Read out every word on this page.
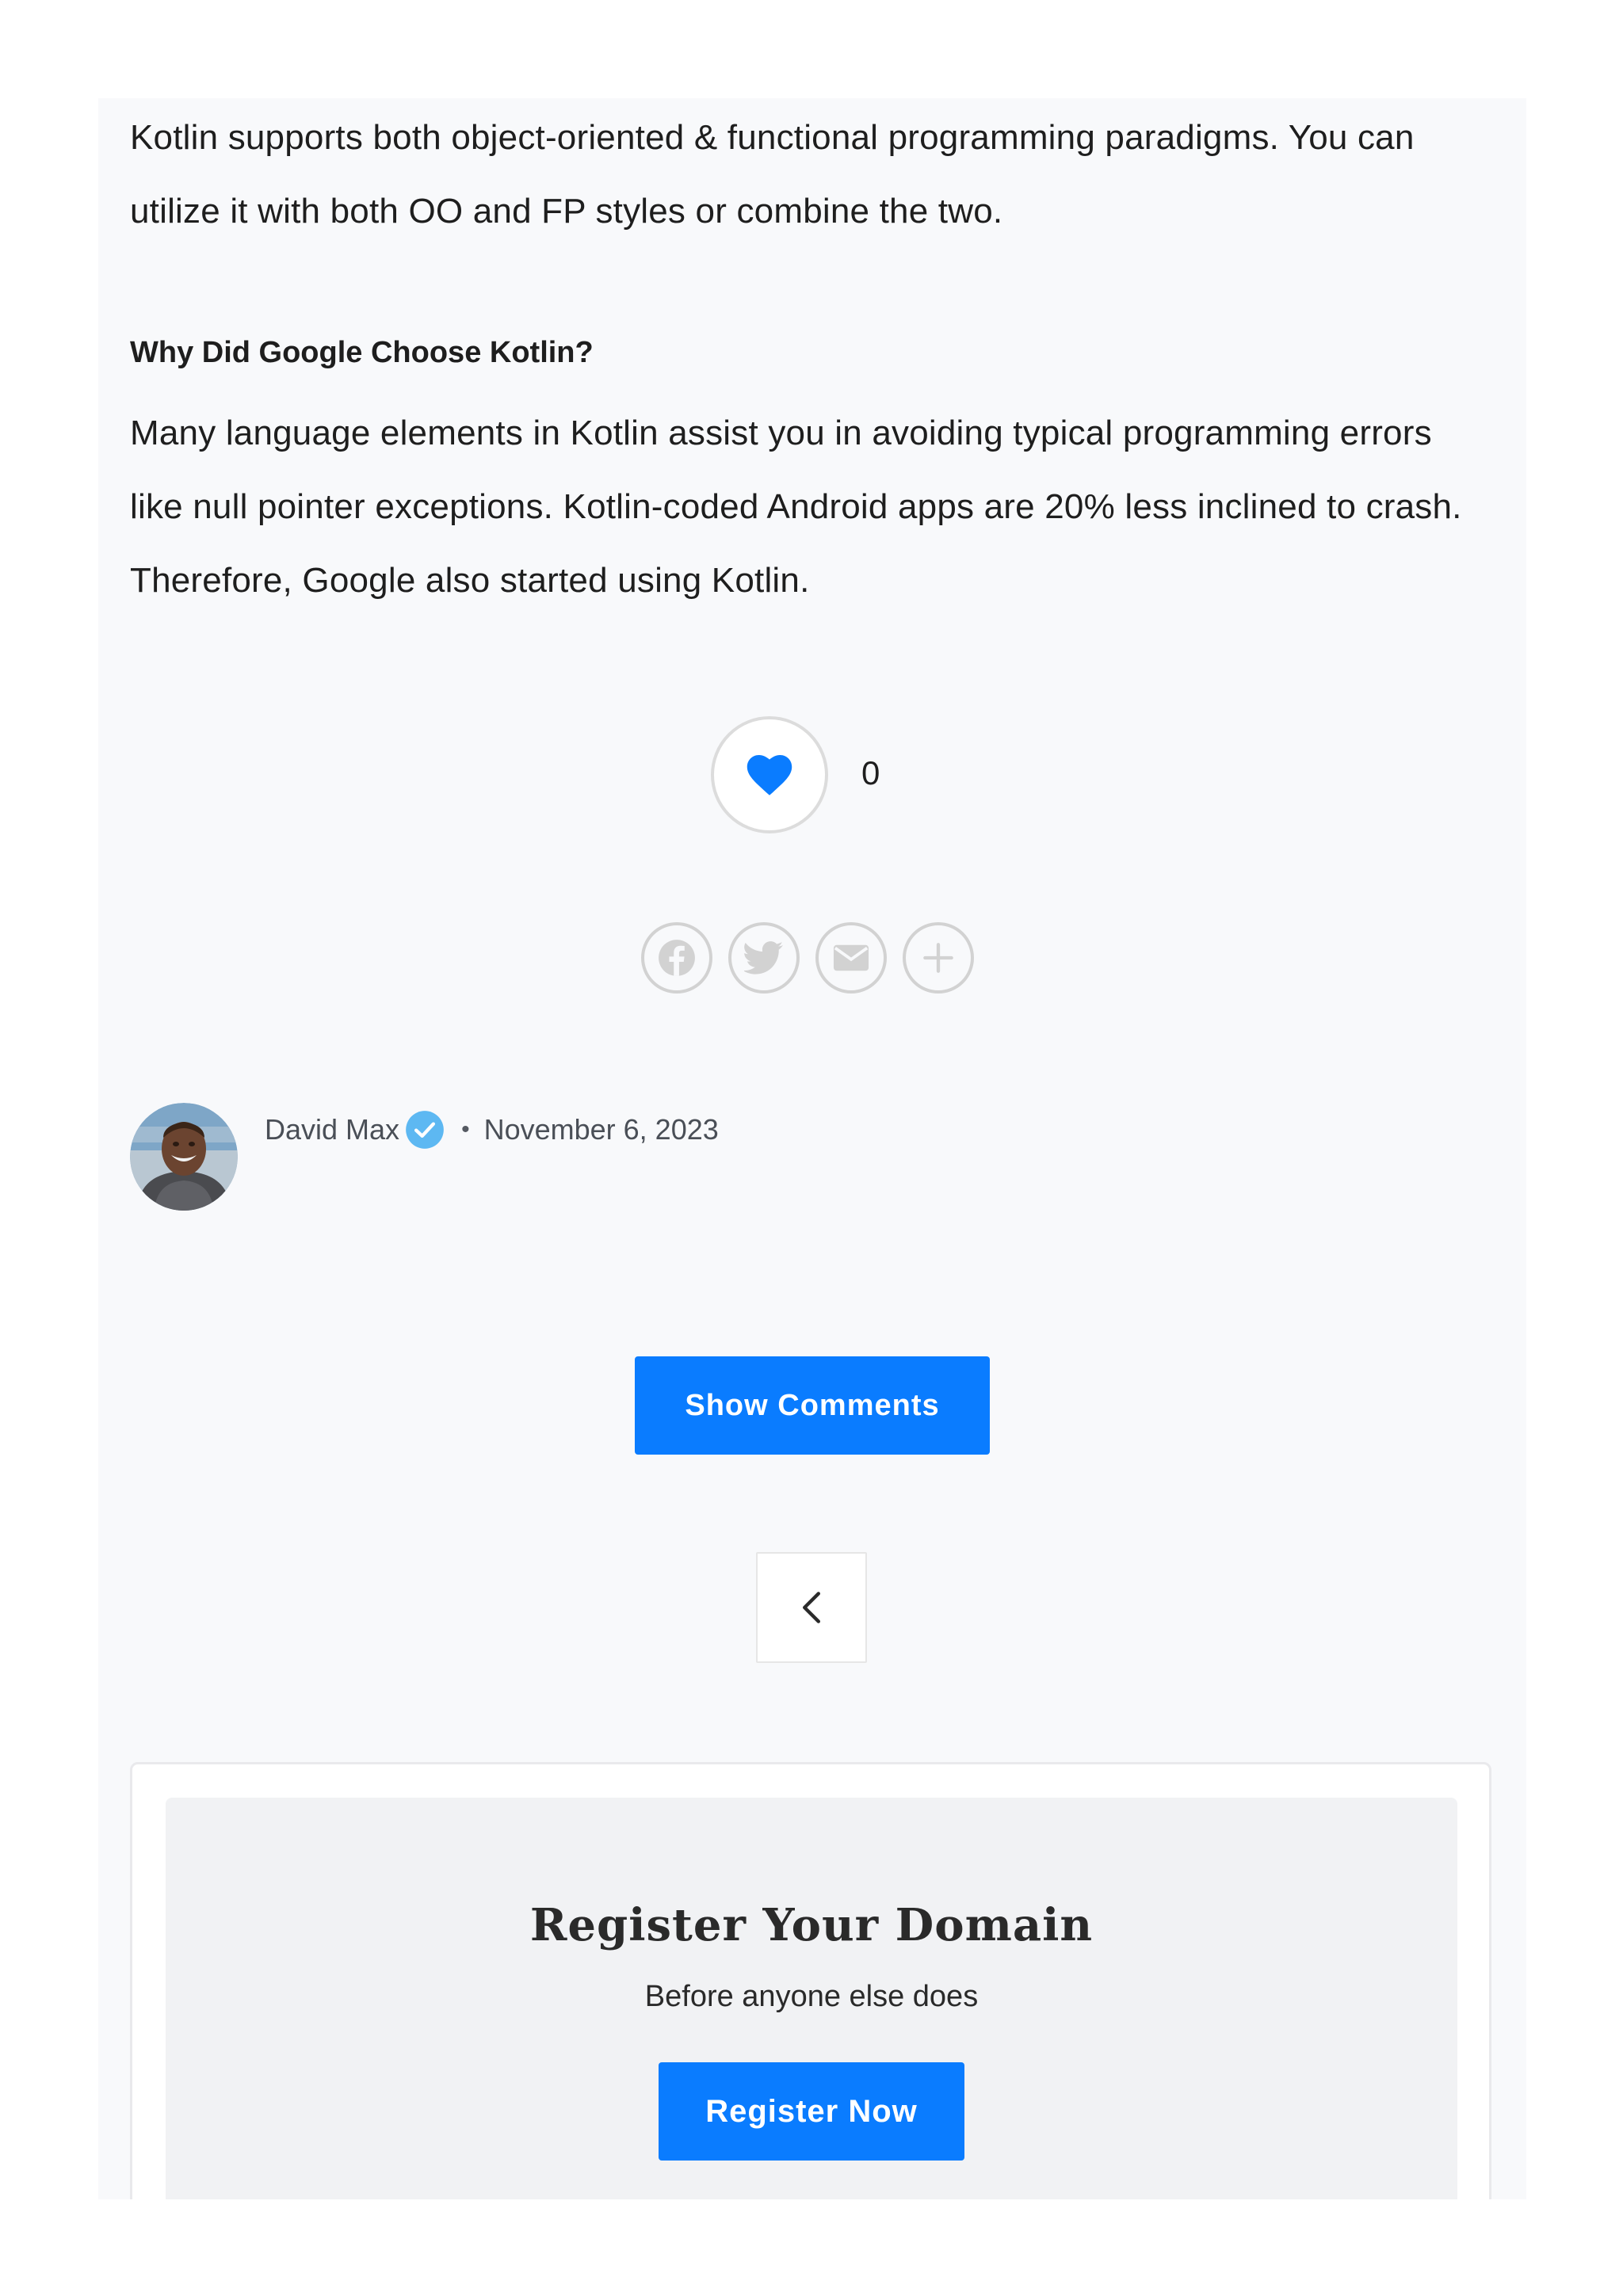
Kotlin supports both object-oriented & functional programming paradigms. You can utilize it with both OO and FP styles or combine the two.

Why Did Google Choose Kotlin?

Many language elements in Kotlin assist you in avoiding typical programming errors like null pointer exceptions. Kotlin-coded Android apps are 20% less inclined to crash. Therefore, Google also started using Kotlin.

0
David Max	• November 6, 2023
Show Comments
Register Your Domain

Before anyone else does

Register Now
